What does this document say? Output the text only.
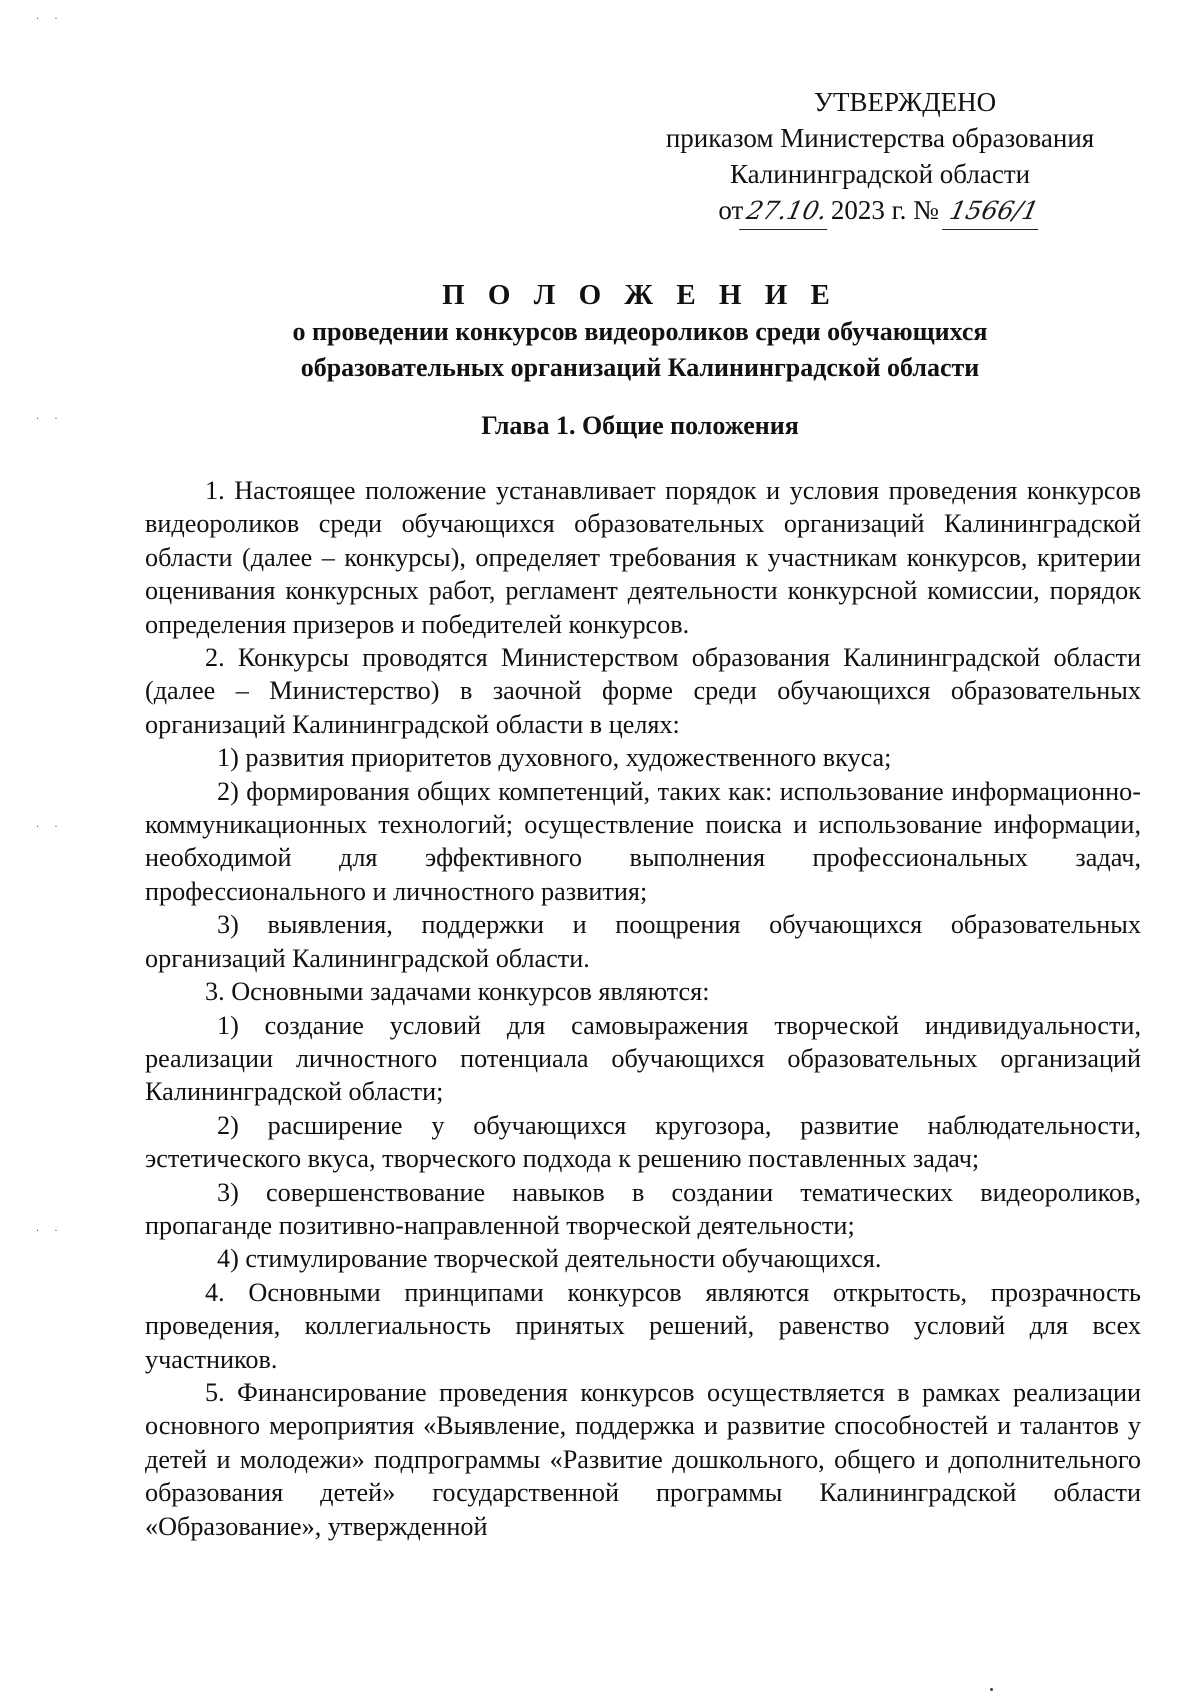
· ·
· ·
· ·
· ·
УТВЕРЖДЕНО
приказом Министерства образования
Калининградской области
от27.10.2023 г. № 1566/1
П О Л О Ж Е Н И Е
о проведении конкурсов видеороликов среди обучающихся
образовательных организаций Калининградской области
Глава 1. Общие положения

1. Настоящее положение устанавливает порядок и условия проведения конкурсов видеороликов среди обучающихся образовательных организаций Калининградской области (далее – конкурсы), определяет требования к участникам конкурсов, критерии оценивания конкурсных работ, регламент деятельности конкурсной комиссии, порядок определения призеров и победителей конкурсов.

2. Конкурсы проводятся Министерством образования Калининградской области (далее – Министерство) в заочной форме среди обучающихся образовательных организаций Калининградской области в целях:

1) развития приоритетов духовного, художественного вкуса;

2) формирования общих компетенций, таких как: использование информационно-коммуникационных технологий; осуществление поиска и использование информации, необходимой для эффективного выполнения профессиональных задач, профессионального и личностного развития;

3) выявления, поддержки и поощрения обучающихся образовательных организаций Калининградской области.

3. Основными задачами конкурсов являются:

1) создание условий для самовыражения творческой индивидуальности, реализации личностного потенциала обучающихся образовательных организаций Калининградской области;

2) расширение у обучающихся кругозора, развитие наблюдательности, эстетического вкуса, творческого подхода к решению поставленных задач;

3) совершенствование навыков в создании тематических видеороликов, пропаганде позитивно-направленной творческой деятельности;

4) стимулирование творческой деятельности обучающихся.

4. Основными принципами конкурсов являются открытость, прозрачность проведения, коллегиальность принятых решений, равенство условий для всех участников.

5. Финансирование проведения конкурсов осуществляется в рамках реализации основного мероприятия «Выявление, поддержка и развитие способностей и талантов у детей и молодежи» подпрограммы «Развитие дошкольного, общего и дополнительного образования детей» государственной программы Калининградской области «Образование», утвержденной
